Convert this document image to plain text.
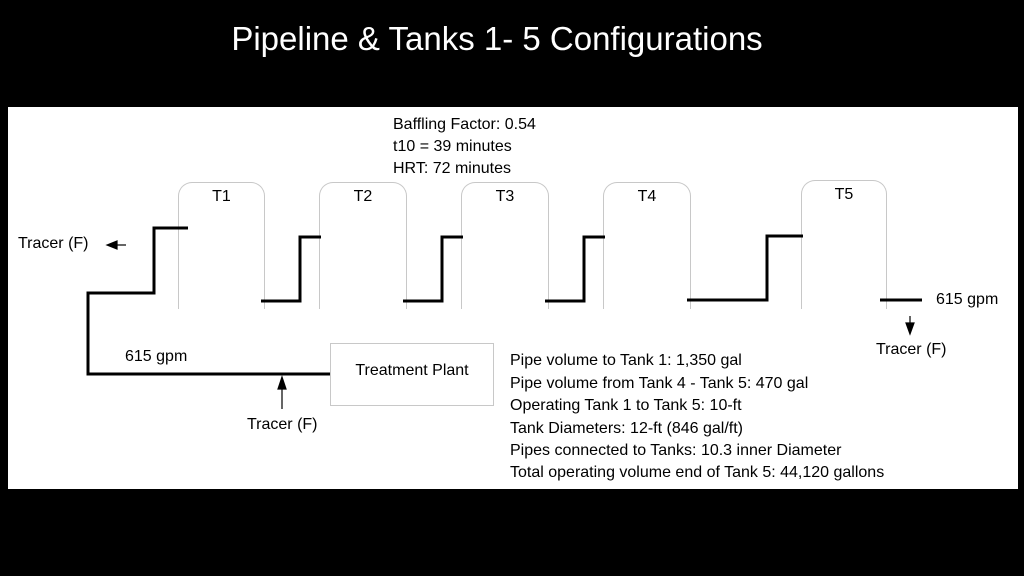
Pipeline & Tanks 1- 5 Configurations
T1	T2	T3	T4	T5
Treatment Plant
Baffling Factor: 0.54
t10 = 39 minutes
HRT: 72 minutes
Tracer (F)
615 gpm
Tracer (F)
615 gpm
Tracer (F)
Pipe volume to Tank 1: 1,350 gal
Pipe volume from Tank 4 - Tank 5: 470 gal
Operating Tank 1 to Tank 5: 10-ft
Tank Diameters: 12-ft (846 gal/ft)
Pipes connected to Tanks: 10.3 inner Diameter
Total operating volume end of Tank 5: 44,120 gallons
